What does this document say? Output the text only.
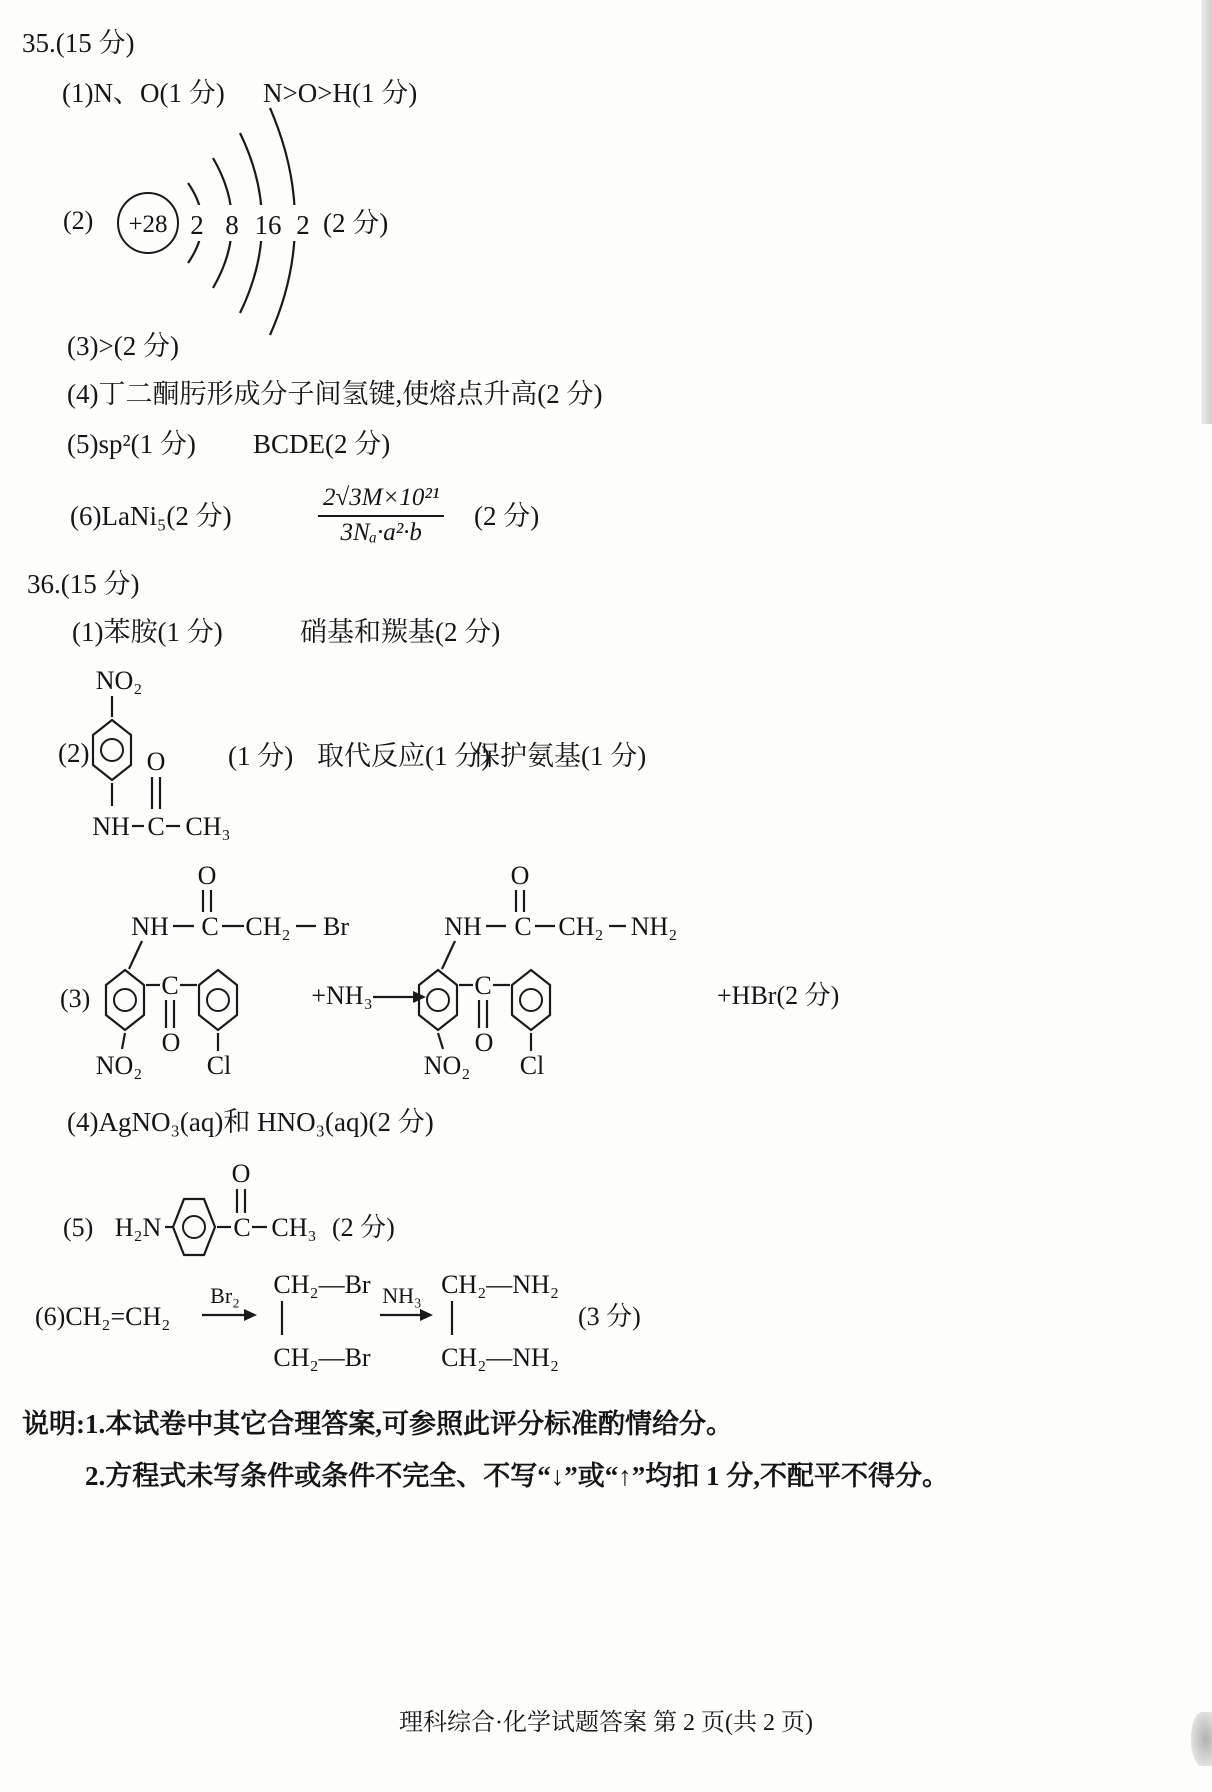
35.(15 分)
(1)N、O(1 分) N>O>H(1 分)
(2) +28 2 8 16 2 (2 分)
(3)>(2 分)
(4)丁二酮肟形成分子间氢键,使熔点升高(2 分)
(5)sp²(1 分) BCDE(2 分)
(6)LaNi₅(2 分)	$\frac{\text{2√3M×10²¹}}{\text{3Nₐ·a²·b}} (2$ 分)
36.(15 分)
(1)苯胺(1 分)	硝基和羰基(2 分)
(2)
NO₂
NH C CH₃
O (1 分) 取代反应(1 分)
保护氨基(1 分)
(3)
O
NH C CH₂ Br
C
O
Cl
NO₂
+NH₃
O
NH C CH₂ NH₂
C
O
Cl
NO₂
+HBr(2 分)
(4)AgNO₃(aq)和 HNO₃(aq)(2 分)
(5) H₂N	C
O
CH₃ (2 分)
(6)CH₂=CH₂
Br₂ CH₂—Br
CH₂—Br
NH₃ CH₂—NH₂
CH₂—NH₂
(3 分)
说明:1.本试卷中其它合理答案,可参照此评分标准酌情给分。
2.方程式未写条件或条件不完全、不写“↓”或“↑”均扣 1 分,不配平不得分。
理科综合·化学试题答案 第 2 页(共 2 页)
